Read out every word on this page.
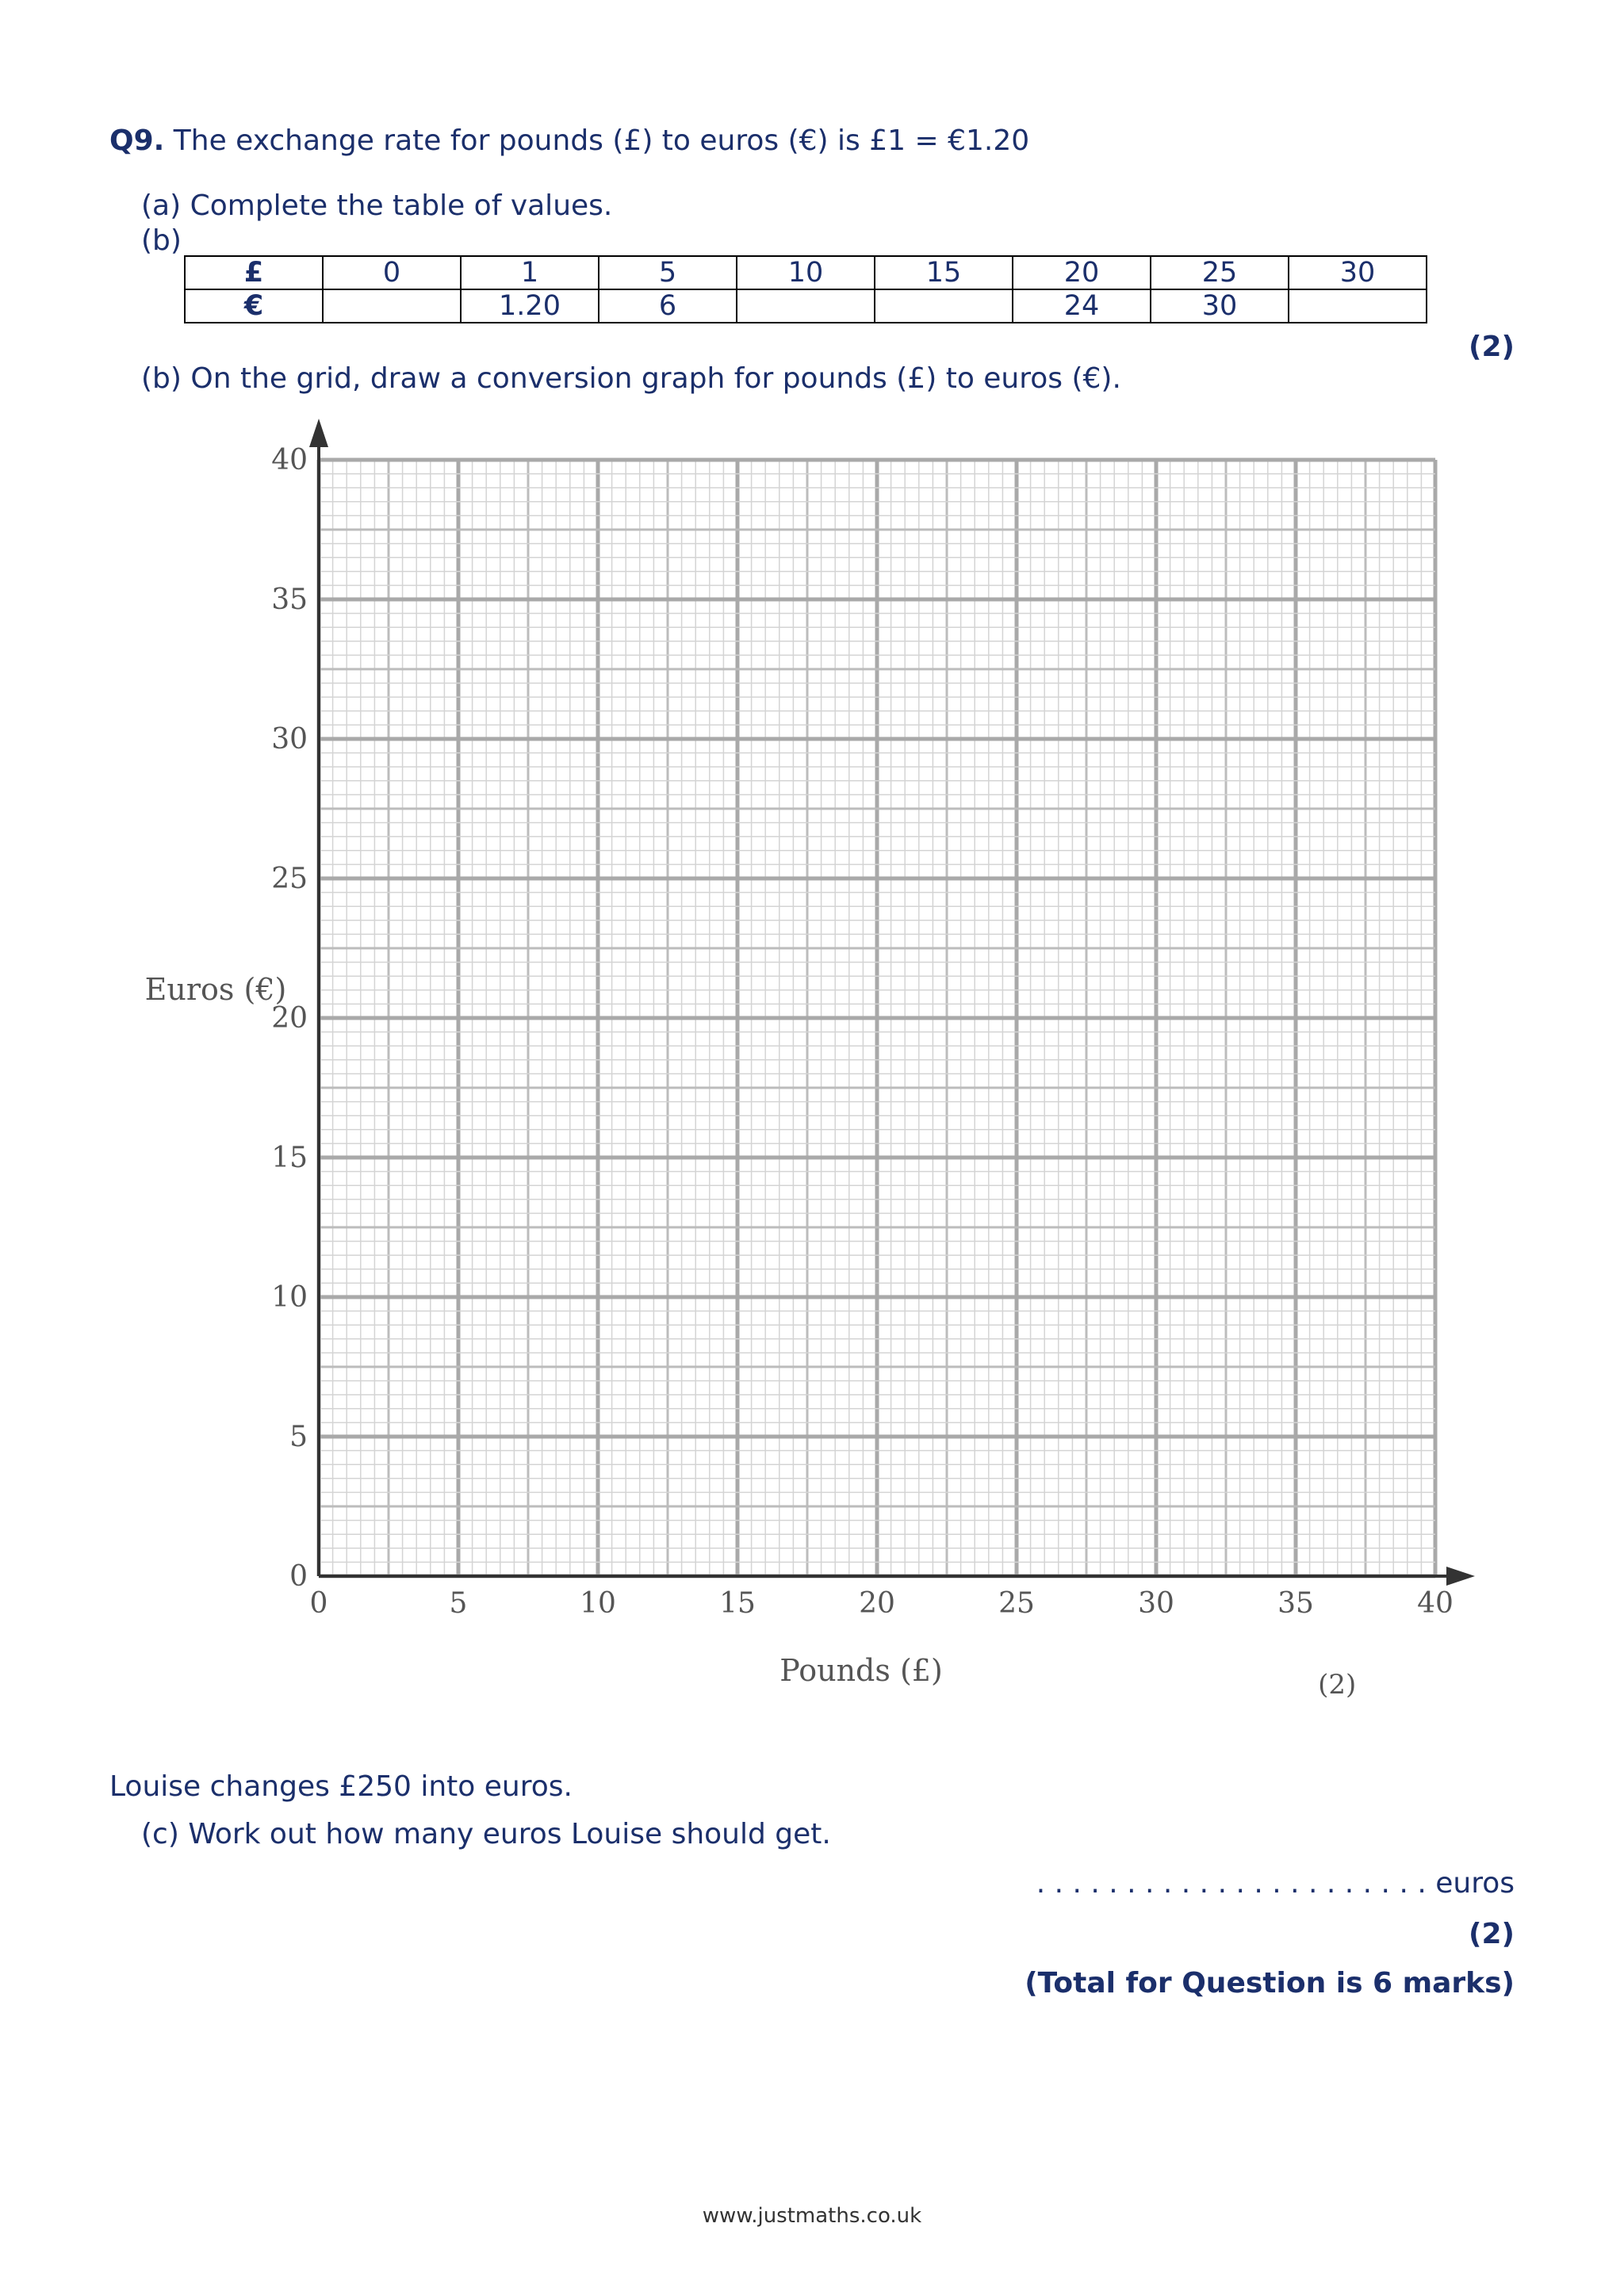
Q9. The exchange rate for pounds (£) to euros (€) is £1 = €1.20
(a) Complete the table of values.
(b)
£	0	1	5	10	15	20	25	30
€		1.20	6			24	30	
(2)
(b) On the grid, draw a conversion graph for pounds (£) to euros (€).
0	5	10	15	20	25	30	35	40
0
5
10
15
20
25
30
35
40
Pounds (£)
Euros (€)
(2)
Louise changes £250 into euros.
(c) Work out how many euros Louise should get.
. . . . . . . . . . . . . . . . . . . . . . euros
(2)
(Total for Question is 6 marks)
www.justmaths.co.uk
